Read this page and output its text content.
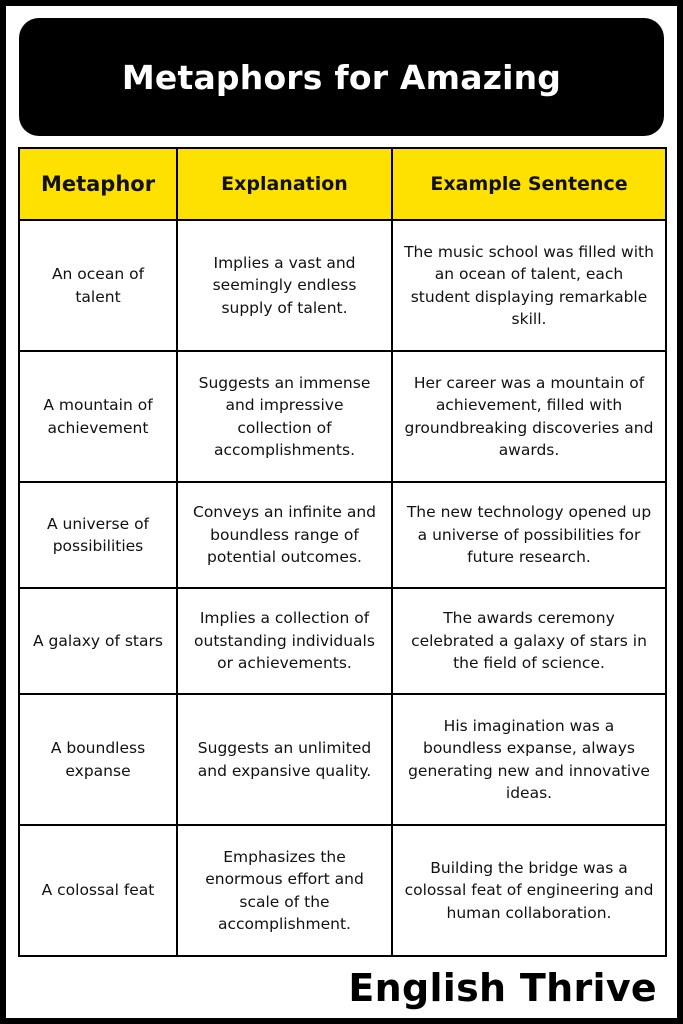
Metaphors for Amazing
Metaphor	Explanation	Example Sentence
An ocean of talent	Implies a vast and seemingly endless supply of talent.	The music school was filled with an ocean of talent, each student displaying remarkable skill.
A mountain of achievement	Suggests an immense and impressive collection of accomplishments.	Her career was a mountain of achievement, filled with groundbreaking discoveries and awards.
A universe of possibilities	Conveys an infinite and boundless range of potential outcomes.	The new technology opened up a universe of possibilities for future research.
A galaxy of stars	Implies a collection of outstanding individuals or achievements.	The awards ceremony celebrated a galaxy of stars in the field of science.
A boundless expanse	Suggests an unlimited and expansive quality.	His imagination was a boundless expanse, always generating new and innovative ideas.
A colossal feat	Emphasizes the enormous effort and scale of the accomplishment.	Building the bridge was a colossal feat of engineering and human collaboration.
English Thrive
